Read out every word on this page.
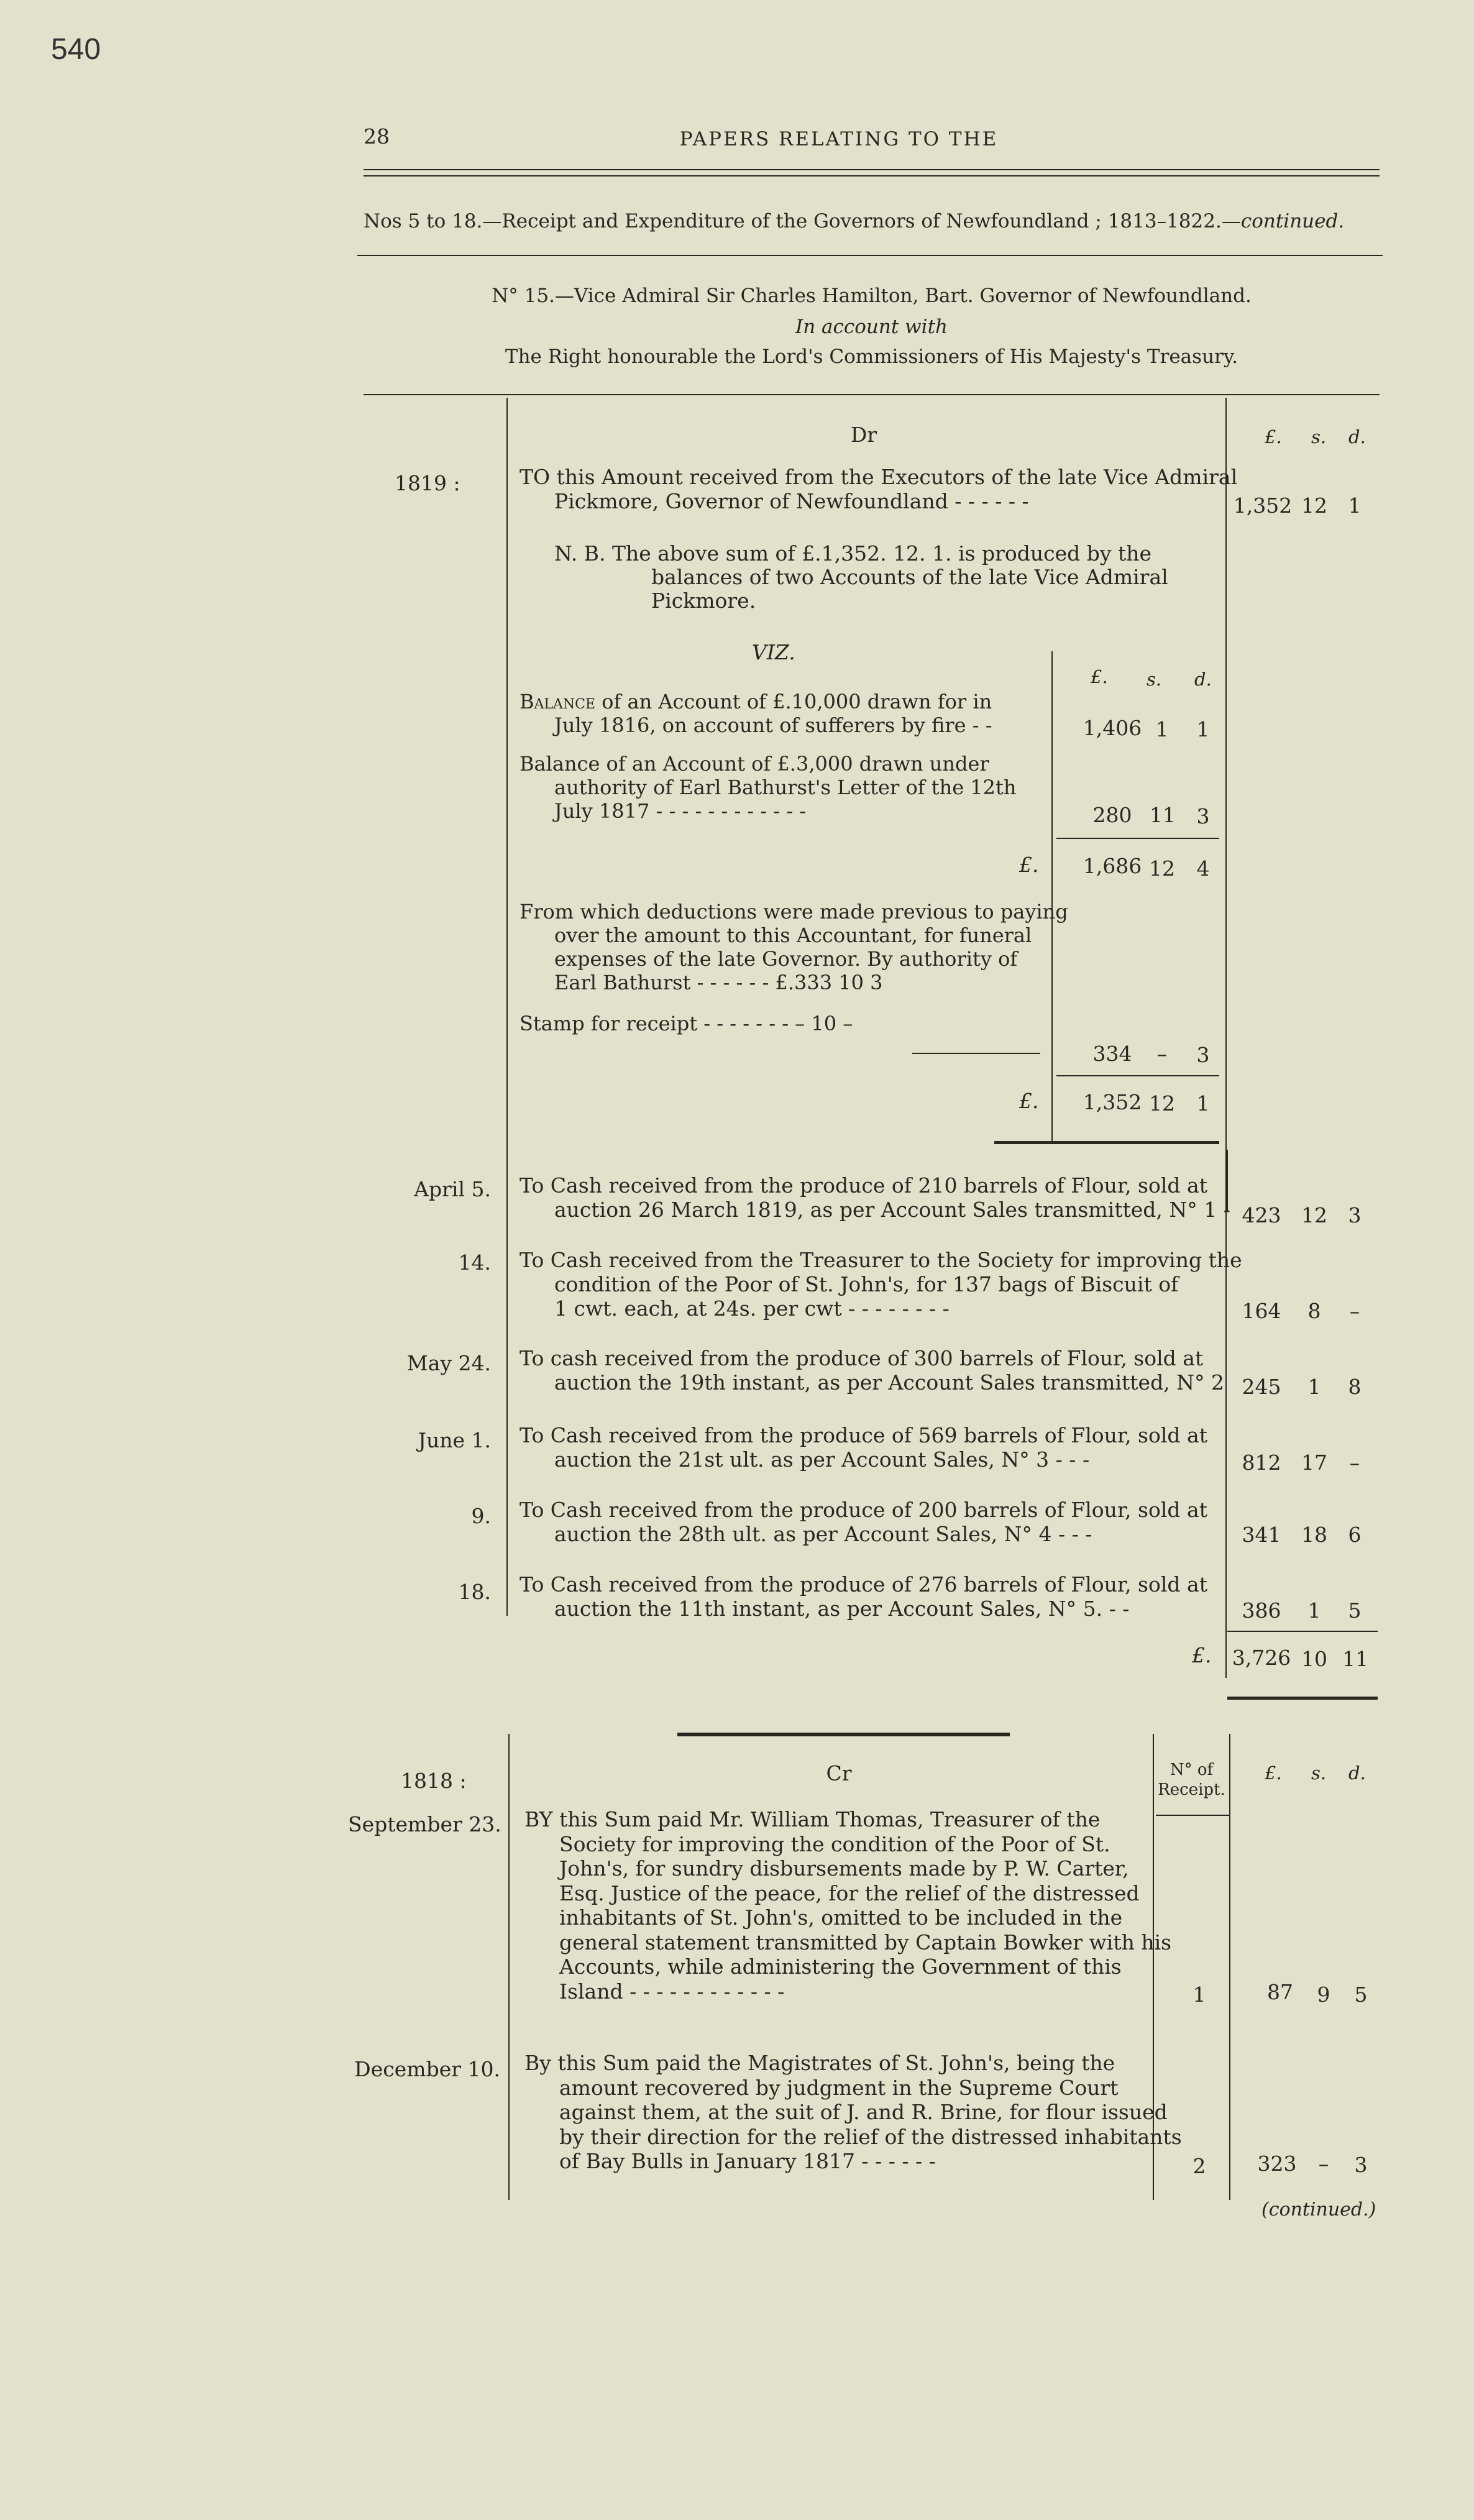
540
28	PAPERS RELATING TO THE
Nos 5 to 18.—Receipt and Expenditure of the Governors of Newfoundland ; 1813–1822.—continued.
N° 15.—Vice Admiral Sir Charles Hamilton, Bart. Governor of Newfoundland.
In account with
The Right honourable the Lord's Commissioners of His Majesty's Treasury.
Dr	£. s. d.
1819 :	TO this Amount received from the Executors of the late Vice Admiral
Pickmore, Governor of Newfoundland - - - - - -	1,352 12 1
N. B. The above sum of £.1,352. 12. 1. is produced by the
balances of two Accounts of the late Vice Admiral
Pickmore.
VIZ.
£. s. d.
Balance of an Account of £.10,000 drawn for in
July 1816, on account of sufferers by fire - -	1,406 1 1
Balance of an Account of £.3,000 drawn under
authority of Earl Bathurst's Letter of the 12th
July 1817 - - - - - - - - - - - -	280 11 3
£. 1,686 12 4
From which deductions were made previous to paying
over the amount to this Accountant, for funeral
expenses of the late Governor. By authority of
Earl Bathurst - - - - - - £.333 10 3
Stamp for receipt - - - - - - - – 10 –
334	–	3
£. 1,352 12 1
April 5. To Cash received from the produce of 210 barrels of Flour, sold at
auction 26 March 1819, as per Account Sales transmitted, N° 1 - 423 12 3
14. To Cash received from the Treasurer to the Society for improving the
condition of the Poor of St. John's, for 137 bags of Biscuit of
1 cwt. each, at 24s. per cwt - - - - - - - -	164	8	–
May 24. To cash received from the produce of 300 barrels of Flour, sold at
auction the 19th instant, as per Account Sales transmitted, N° 2 245	1	8
June 1. To Cash received from the produce of 569 barrels of Flour, sold at
auction the 21st ult. as per Account Sales, N° 3 - - -	812 17	–
9. To Cash received from the produce of 200 barrels of Flour, sold at
auction the 28th ult. as per Account Sales, N° 4 - - -	341 18 6
18. To Cash received from the produce of 276 barrels of Flour, sold at
auction the 11th instant, as per Account Sales, N° 5. - -	386	1	5
£. 3,726 10 11
Cr	N° of
Receipt.
£. s. d.
1818 :
September 23. BY this Sum paid Mr. William Thomas, Treasurer of the
Society for improving the condition of the Poor of St.
John's, for sundry disbursements made by P. W. Carter,
Esq. Justice of the peace, for the relief of the distressed
inhabitants of St. John's, omitted to be included in the
general statement transmitted by Captain Bowker with his
Accounts, while administering the Government of this
Island - - - - - - - - - - - -	1	87	9 5
December 10. By this Sum paid the Magistrates of St. John's, being the
amount recovered by judgment in the Supreme Court
against them, at the suit of J. and R. Brine, for flour issued
by their direction for the relief of the distressed inhabitants
of Bay Bulls in January 1817 - - - - - -	2	323	–	3
(continued.)
